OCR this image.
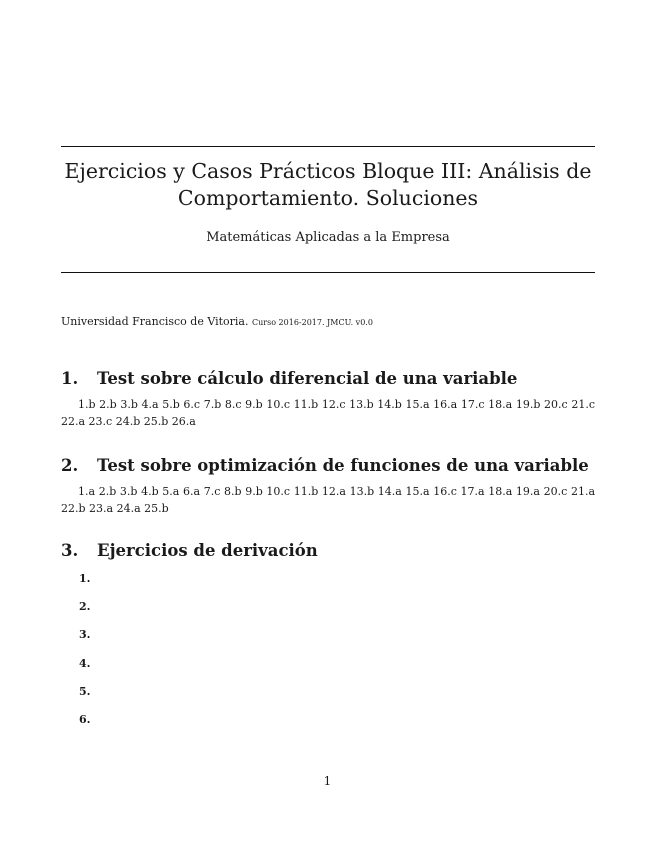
Ejercicios y Casos Prácticos Bloque III: Análisis de
Comportamiento. Soluciones
Matemáticas Aplicadas a la Empresa
Universidad Francisco de Vitoria. Curso 2016-2017. JMCU. v0.0
1. Test sobre cálculo diferencial de una variable

1.b 2.b 3.b 4.a 5.b 6.c 7.b 8.c 9.b 10.c 11.b 12.c 13.b 14.b 15.a 16.a 17.c 18.a 19.b 20.c 21.c 22.a 23.c 24.b 25.b 26.a

2. Test sobre optimización de funciones de una variable

1.a 2.b 3.b 4.b 5.a 6.a 7.c 8.b 9.b 10.c 11.b 12.a 13.b 14.a 15.a 16.c 17.a 18.a 19.a 20.c 21.a 22.b 23.a 24.a 25.b

3. Ejercicios de derivación
1.
2.
3.
4.
5.
6.
1
